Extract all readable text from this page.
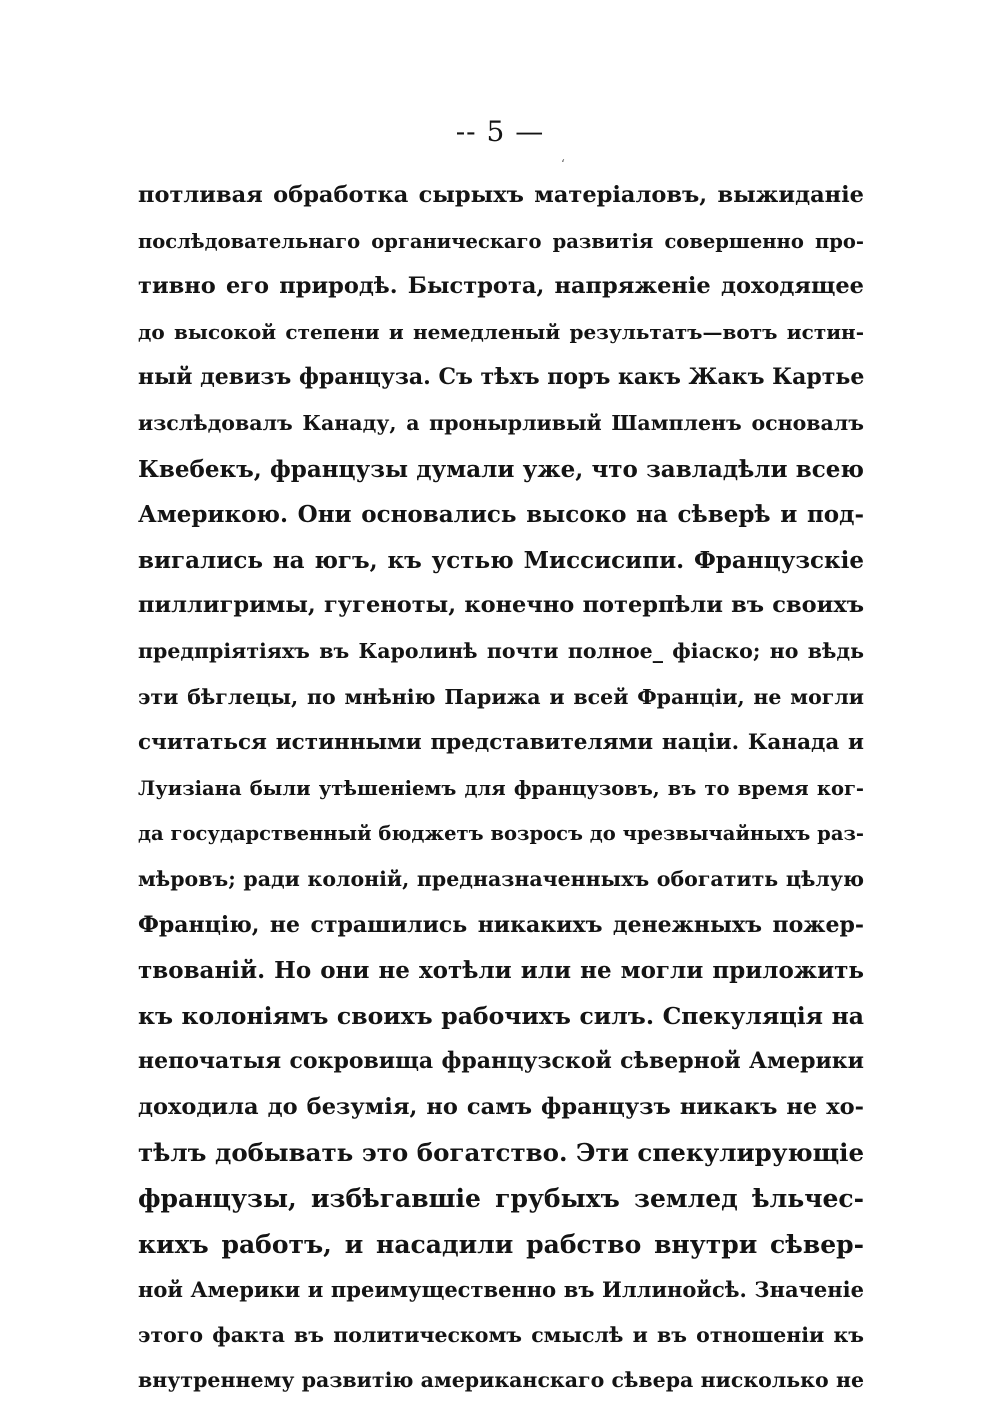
-- 5 —
‘
потливая обработка сырыхъ матеріаловъ, выжиданіе
послѣдовательнаго органическаго развитія совершенно про-
тивно его природѣ. Быстрота, напряженіе доходящее
до высокой степени и немедленый результатъ—вотъ истин-
ный девизъ француза. Съ тѣхъ поръ какъ Жакъ Картье
изслѣдовалъ Канаду, а пронырливый Шампленъ основалъ
Квебекъ, французы думали уже, что завладѣли всею
Америкою. Они основались высоко на сѣверѣ и под-
вигались на югъ, къ устью Миссисипи. Французскіе
пиллигримы, гугеноты, конечно потерпѣли въ своихъ
предпріятіяхъ въ Каролинѣ почти полное_ фіаско; но вѣдь
эти бѣглецы, по мнѣнію Парижа и всей Франціи, не могли
считаться истинными представителями націи. Канада и
Луизіана были утѣшеніемъ для французовъ, въ то время ког-
да государственный бюджетъ возросъ до чрезвычайныхъ раз-
мѣровъ; ради колоній, предназначенныхъ обогатить цѣлую
Францію, не страшились никакихъ денежныхъ пожер-
твованій. Но они не хотѣли или не могли приложить
къ колоніямъ своихъ рабочихъ силъ. Спекуляція на
непочатыя сокровища французской сѣверной Америки
доходила до безумія, но самъ французъ никакъ не хо-
тѣлъ добывать это богатство. Эти спекулирующіе
французы, избѣгавшіе грубыхъ землед ѣльчес-
кихъ работъ, и насадили рабство внутри сѣвер-
ной Америки и преимущественно въ Иллинойсѣ. Значеніе
этого факта въ политическомъ смыслѣ и въ отношеніи къ
внутреннему развитію американскаго сѣвера нисколько не
